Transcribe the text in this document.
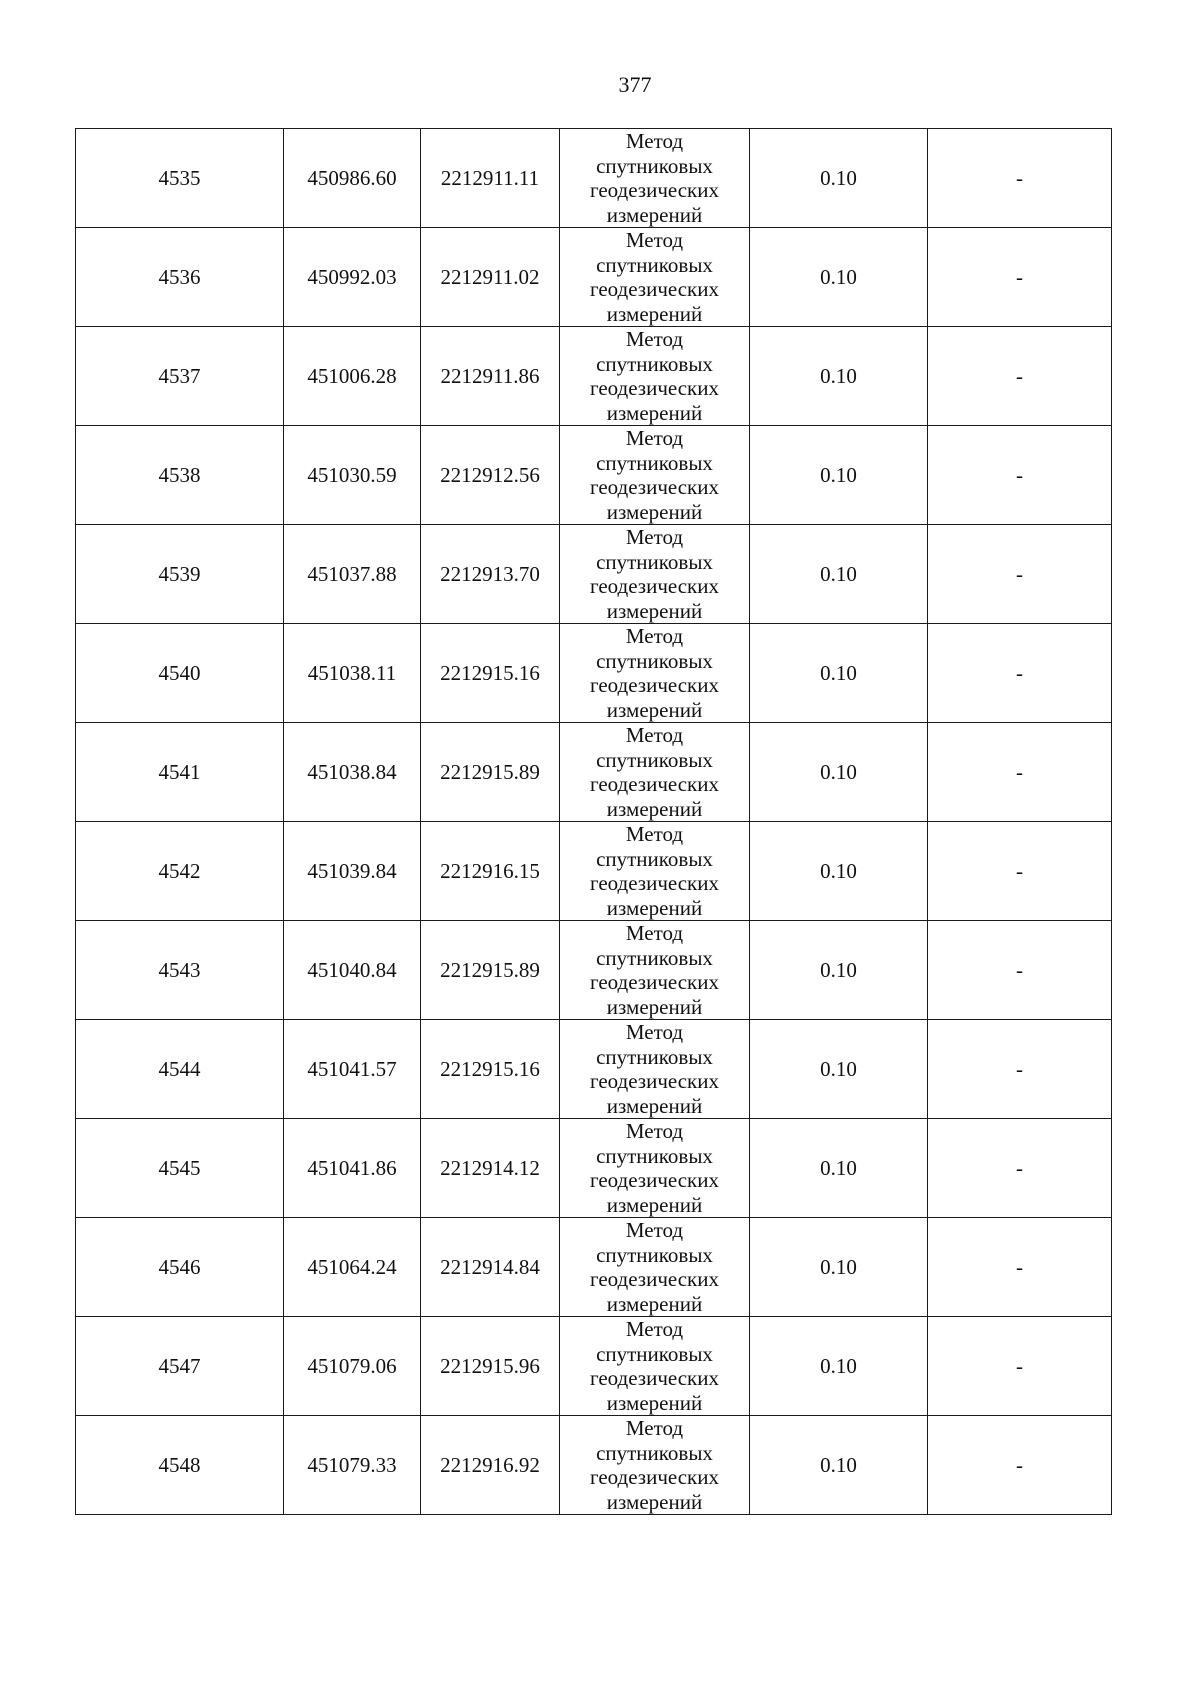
377
4535	450986.60	2212911.11	Метод
спутниковых
геодезических
измерений	0.10	-
4536	450992.03	2212911.02	Метод
спутниковых
геодезических
измерений	0.10	-
4537	451006.28	2212911.86	Метод
спутниковых
геодезических
измерений	0.10	-
4538	451030.59	2212912.56	Метод
спутниковых
геодезических
измерений	0.10	-
4539	451037.88	2212913.70	Метод
спутниковых
геодезических
измерений	0.10	-
4540	451038.11	2212915.16	Метод
спутниковых
геодезических
измерений	0.10	-
4541	451038.84	2212915.89	Метод
спутниковых
геодезических
измерений	0.10	-
4542	451039.84	2212916.15	Метод
спутниковых
геодезических
измерений	0.10	-
4543	451040.84	2212915.89	Метод
спутниковых
геодезических
измерений	0.10	-
4544	451041.57	2212915.16	Метод
спутниковых
геодезических
измерений	0.10	-
4545	451041.86	2212914.12	Метод
спутниковых
геодезических
измерений	0.10	-
4546	451064.24	2212914.84	Метод
спутниковых
геодезических
измерений	0.10	-
4547	451079.06	2212915.96	Метод
спутниковых
геодезических
измерений	0.10	-
4548	451079.33	2212916.92	Метод
спутниковых
геодезических
измерений	0.10	-
